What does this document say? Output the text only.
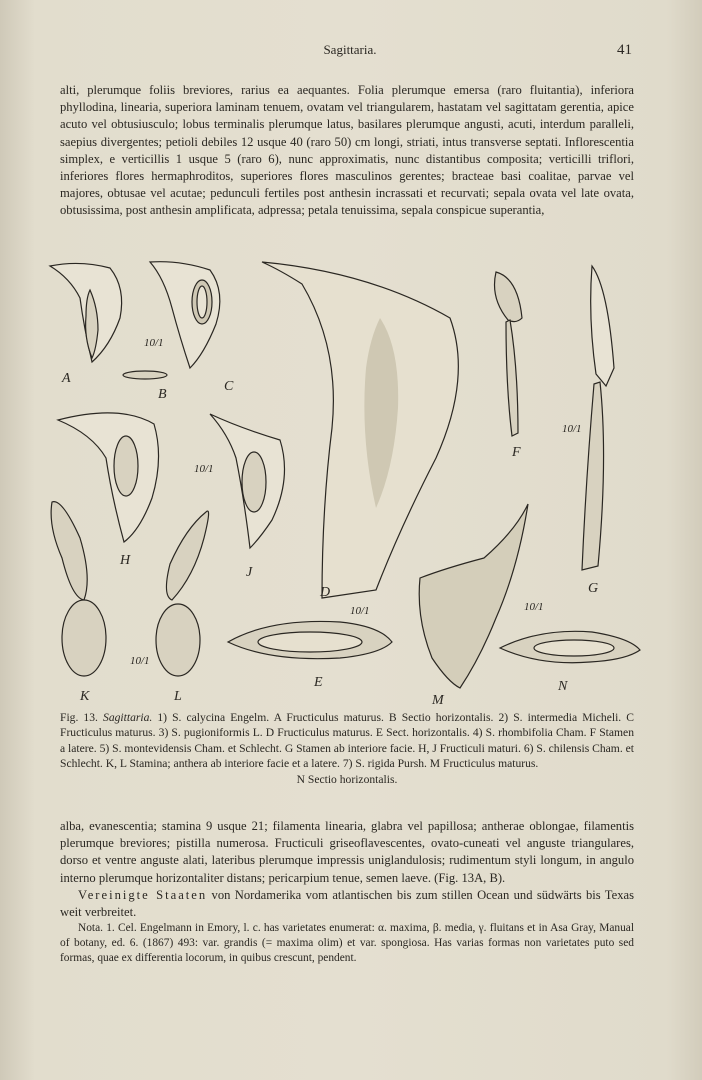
Sagittaria.	41

alti, plerumque foliis breviores, rarius ea aequantes. Folia plerumque emersa (raro fluitantia), inferiora phyllodina, linearia, superiora laminam tenuem, ovatam vel triangularem, hastatam vel sagittatam gerentia, apice acuto vel obtusiusculo; lobus terminalis plerumque latus, basilares plerumque angusti, acuti, interdum paralleli, saepius divergentes; petioli debiles 12 usque 40 (raro 50) cm longi, striati, intus transverse septati. Inflorescentia simplex, e verticillis 1 usque 5 (raro 6), nunc approximatis, nunc distantibus composita; verticilli triflori, inferiores flores hermaphroditos, superiores flores masculinos gerentes; bracteae basi coalitae, parvae vel majores, obtusae vel acutae; pedunculi fertiles post anthesin incrassati et recurvati; sepala ovata vel late ovata, obtusissima, post anthesin amplificata, adpressa; petala tenuissima, sepala conspicue superantia,

A
B
C
D
E
F
G
H
J
K	L	M
N
10/1
10/1
10/1
10/1
10/1	10/1
Fig. 13. Sagittaria. 1) S. calycina Engelm. A Fructiculus maturus. B Sectio horizontalis. 2) S. intermedia Micheli. C Fructiculus maturus. 3) S. pugioniformis L. D Fructiculus maturus. E Sect. horizontalis. 4) S. rhombifolia Cham. F Stamen a latere. 5) S. montevidensis Cham. et Schlecht. G Stamen ab interiore facie. H, J Fructiculi maturi. 6) S. chilensis Cham. et Schlecht. K, L Stamina; anthera ab interiore facie et a latere. 7) S. rigida Pursh. M Fructiculus maturus.
N Sectio horizontalis.

alba, evanescentia; stamina 9 usque 21; filamenta linearia, glabra vel papillosa; antherae oblongae, filamentis plerumque breviores; pistilla numerosa. Fructiculi griseoflavescentes, ovato-cuneati vel anguste triangulares, dorso et ventre anguste alati, lateribus plerumque impressis uniglandulosis; rudimentum styli longum, in angulo interno plerumque horizontaliter distans; pericarpium tenue, semen laeve. (Fig. 13A, B).

Vereinigte Staaten von Nordamerika vom atlantischen bis zum stillen Ocean und südwärts bis Texas weit verbreitet.

Nota. 1. Cel. Engelmann in Emory, l. c. has varietates enumerat: α. maxima, β. media, γ. fluitans et in Asa Gray, Manual of botany, ed. 6. (1867) 493: var. grandis (= maxima olim) et var. spongiosa. Has varias formas non varietates puto sed formas, quae ex differentia locorum, in quibus crescunt, pendent.
